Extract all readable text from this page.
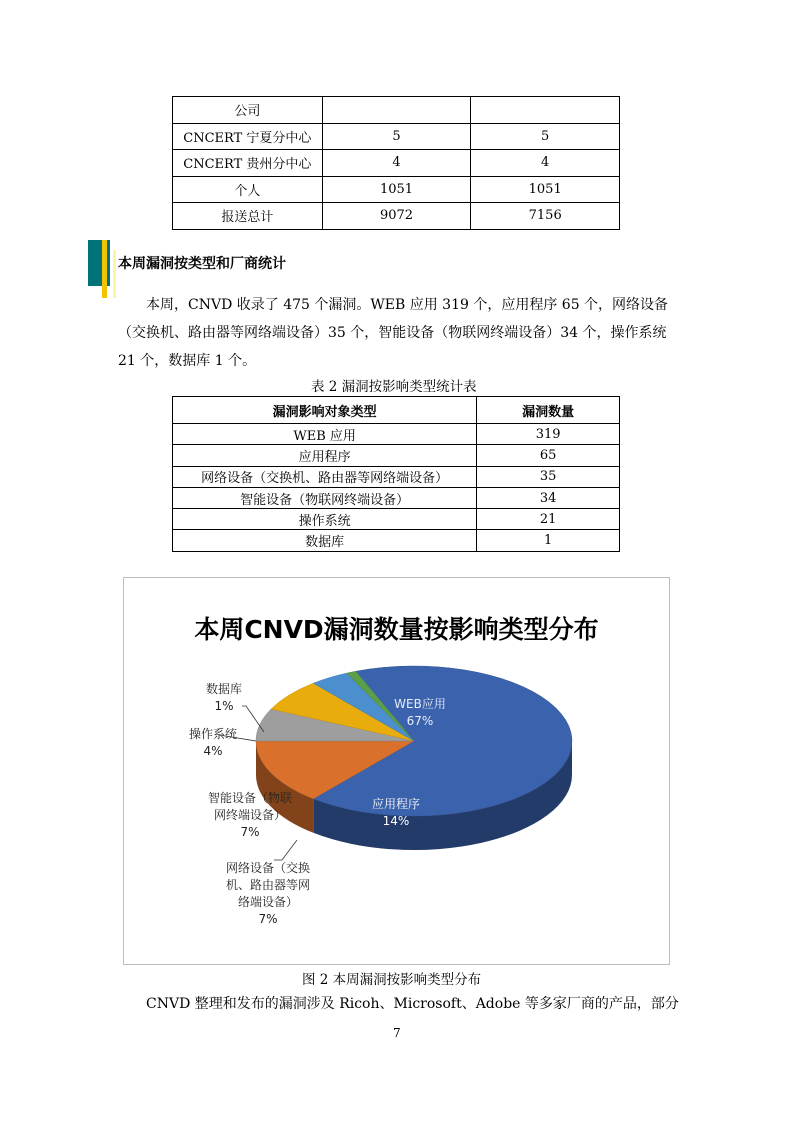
公司		
CNCERT 宁夏分中心	5	5
CNCERT 贵州分中心	4	4
个人	1051	1051
报送总计	9072	7156
本周漏洞按类型和厂商统计
本周，CNVD 收录了 475 个漏洞。WEB 应用 319 个，应用程序 65 个，网络设备（交换机、路由器等网络端设备）35 个，智能设备（物联网终端设备）34 个，操作系统 21 个，数据库 1 个。
表 2 漏洞按影响类型统计表
漏洞影响对象类型	漏洞数量
WEB 应用	319
应用程序	65
网络设备（交换机、路由器等网络端设备）	35
智能设备（物联网终端设备）	34
操作系统	21
数据库	1
本周CNVD漏洞数量按影响类型分布
WEB应用
67%
应用程序
14%
网络设备（交换
机、路由器等网
络端设备）
7%
智能设备（物联
网终端设备）
7%
操作系统
4%
数据库
1%
图 2 本周漏洞按影响类型分布
CNVD 整理和发布的漏洞涉及 Ricoh、Microsoft、Adobe 等多家厂商的产品，部分
7
